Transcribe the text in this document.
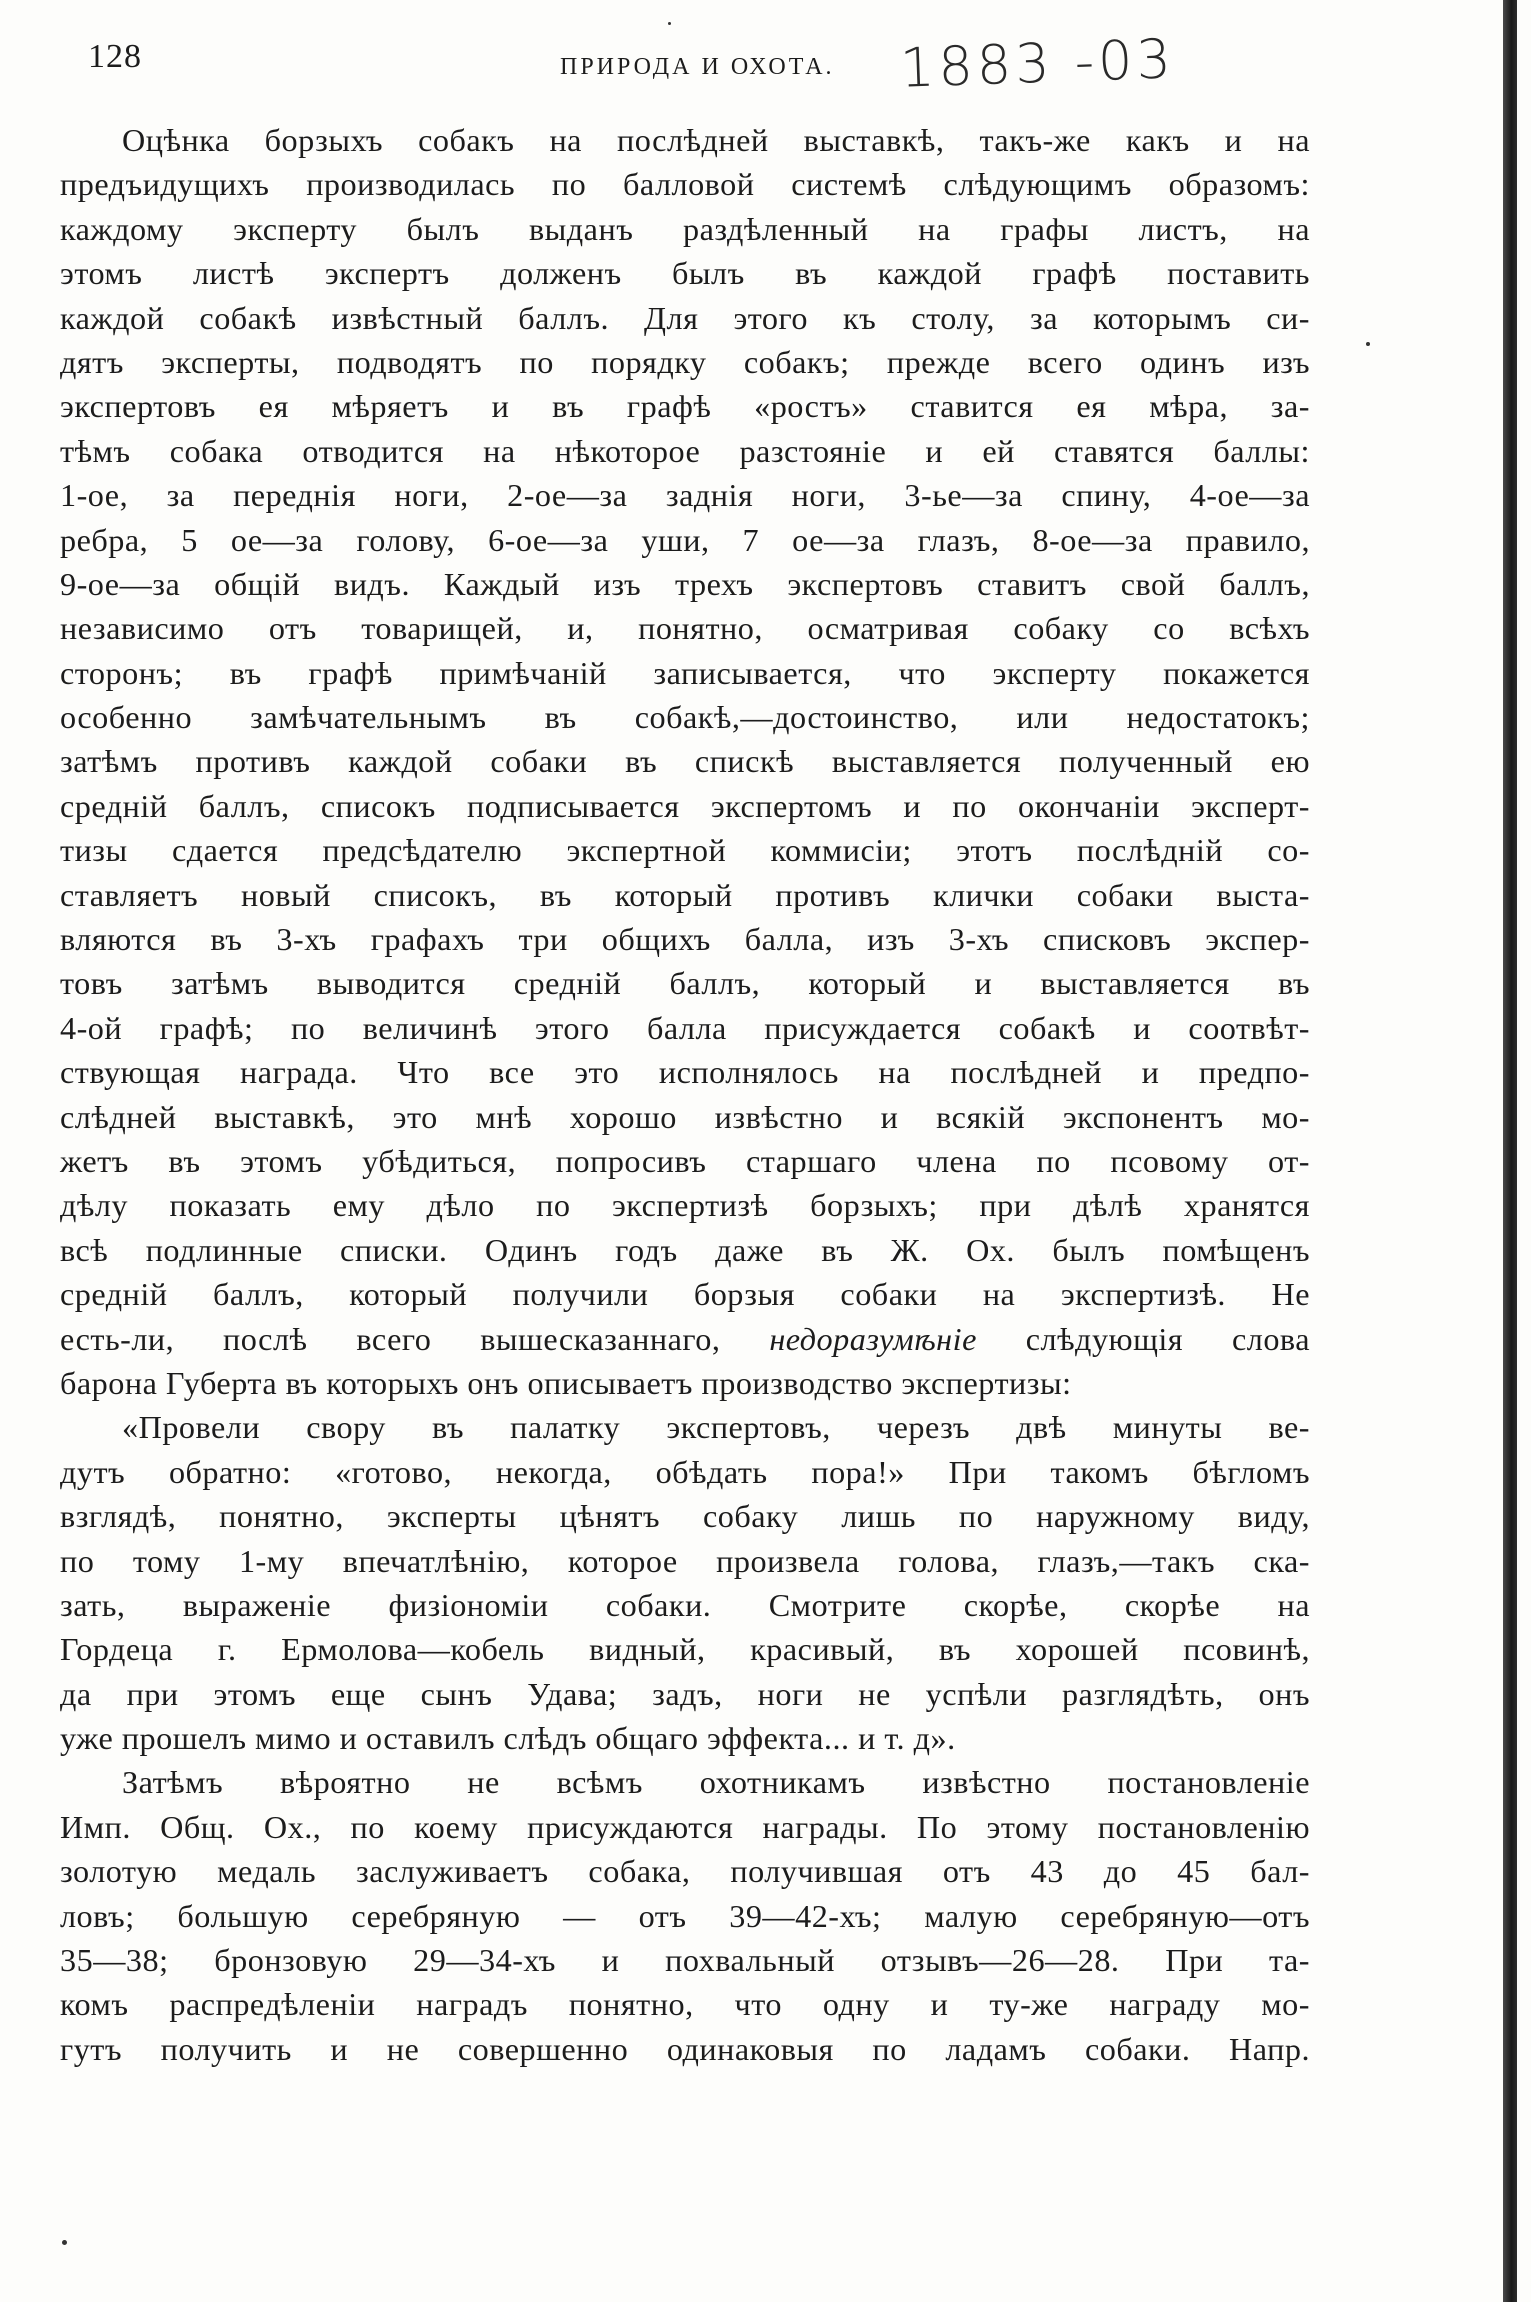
128	ПРИРОДА И ОХОТА. 1883 -03
Оцѣнка борзыхъ собакъ на послѣдней выставкѣ, такъ-же какъ и на
предъидущихъ производилась по балловой системѣ слѣдующимъ образомъ:
каждому эксперту былъ выданъ раздѣленный на графы листъ, на
этомъ листѣ экспертъ долженъ былъ въ каждой графѣ поставить
каждой собакѣ извѣстный баллъ. Для этого къ столу, за которымъ си-
дятъ эксперты, подводятъ по порядку собакъ; прежде всего одинъ изъ
экспертовъ ея мѣряетъ и въ графѣ «ростъ» ставится ея мѣра, за-
тѣмъ собака отводится на нѣкоторое разстояніе и ей ставятся баллы:
1-ое, за переднія ноги, 2-ое—за заднія ноги, 3-ье—за спину, 4-ое—за
ребра, 5 ое—за голову, 6-ое—за уши, 7 ое—за глазъ, 8-ое—за правило,
9-ое—за общій видъ. Каждый изъ трехъ экспертовъ ставитъ свой баллъ,
независимо отъ товарищей, и, понятно, осматривая собаку со всѣхъ
сторонъ; въ графѣ примѣчаній записывается, что эксперту покажется
особенно замѣчательнымъ въ собакѣ,—достоинство, или недостатокъ;
затѣмъ противъ каждой собаки въ спискѣ выставляется полученный ею
средній баллъ, списокъ подписывается экспертомъ и по окончаніи эксперт-
тизы сдается предсѣдателю экспертной коммисіи; этотъ послѣдній со-
ставляетъ новый списокъ, въ который противъ клички собаки выста-
вляются въ 3-хъ графахъ три общихъ балла, изъ 3-хъ списковъ экспер-
товъ затѣмъ выводится средній баллъ, который и выставляется въ
4-ой графѣ; по величинѣ этого балла присуждается собакѣ и соотвѣт-
ствующая награда. Что все это исполнялось на послѣдней и предпо-
слѣдней выставкѣ, это мнѣ хорошо извѣстно и всякій экспонентъ мо-
жетъ въ этомъ убѣдиться, попросивъ старшаго члена по псовому от-
дѣлу показать ему дѣло по экспертизѣ борзыхъ; при дѣлѣ хранятся
всѣ подлинные списки. Одинъ годъ даже въ Ж. Ох. былъ помѣщенъ
средній баллъ, который получили борзыя собаки на экспертизѣ. Не
есть-ли, послѣ всего вышесказаннаго, недоразумѣніе слѣдующія слова
барона Губерта въ которыхъ онъ описываетъ производство экспертизы:
«Провели свору въ палатку экспертовъ, черезъ двѣ минуты ве-
дутъ обратно: «готово, некогда, обѣдать пора!» При такомъ бѣгломъ
взглядѣ, понятно, эксперты цѣнятъ собаку лишь по наружному виду,
по тому 1-му впечатлѣнію, которое произвела голова, глазъ,—такъ ска-
зать, выраженіе физіономіи собаки. Смотрите скорѣе, скорѣе на
Гордеца г. Ермолова—кобель видный, красивый, въ хорошей псовинѣ,
да при этомъ еще сынъ Удава; задъ, ноги не успѣли разглядѣть, онъ
уже прошелъ мимо и оставилъ слѣдъ общаго эффекта... и т. д».
Затѣмъ вѣроятно не всѣмъ охотникамъ извѣстно постановленіе
Имп. Общ. Ох., по коему присуждаются награды. По этому постановленію
золотую медаль заслуживаетъ собака, получившая отъ 43 до 45 бал-
ловъ; большую серебряную — отъ 39—42-хъ; малую серебряную—отъ
35—38; бронзовую 29—34-хъ и похвальный отзывъ—26—28. При та-
комъ распредѣленіи наградъ понятно, что одну и ту-же награду мо-
гутъ получить и не совершенно одинаковыя по ладамъ собаки. Напр.
